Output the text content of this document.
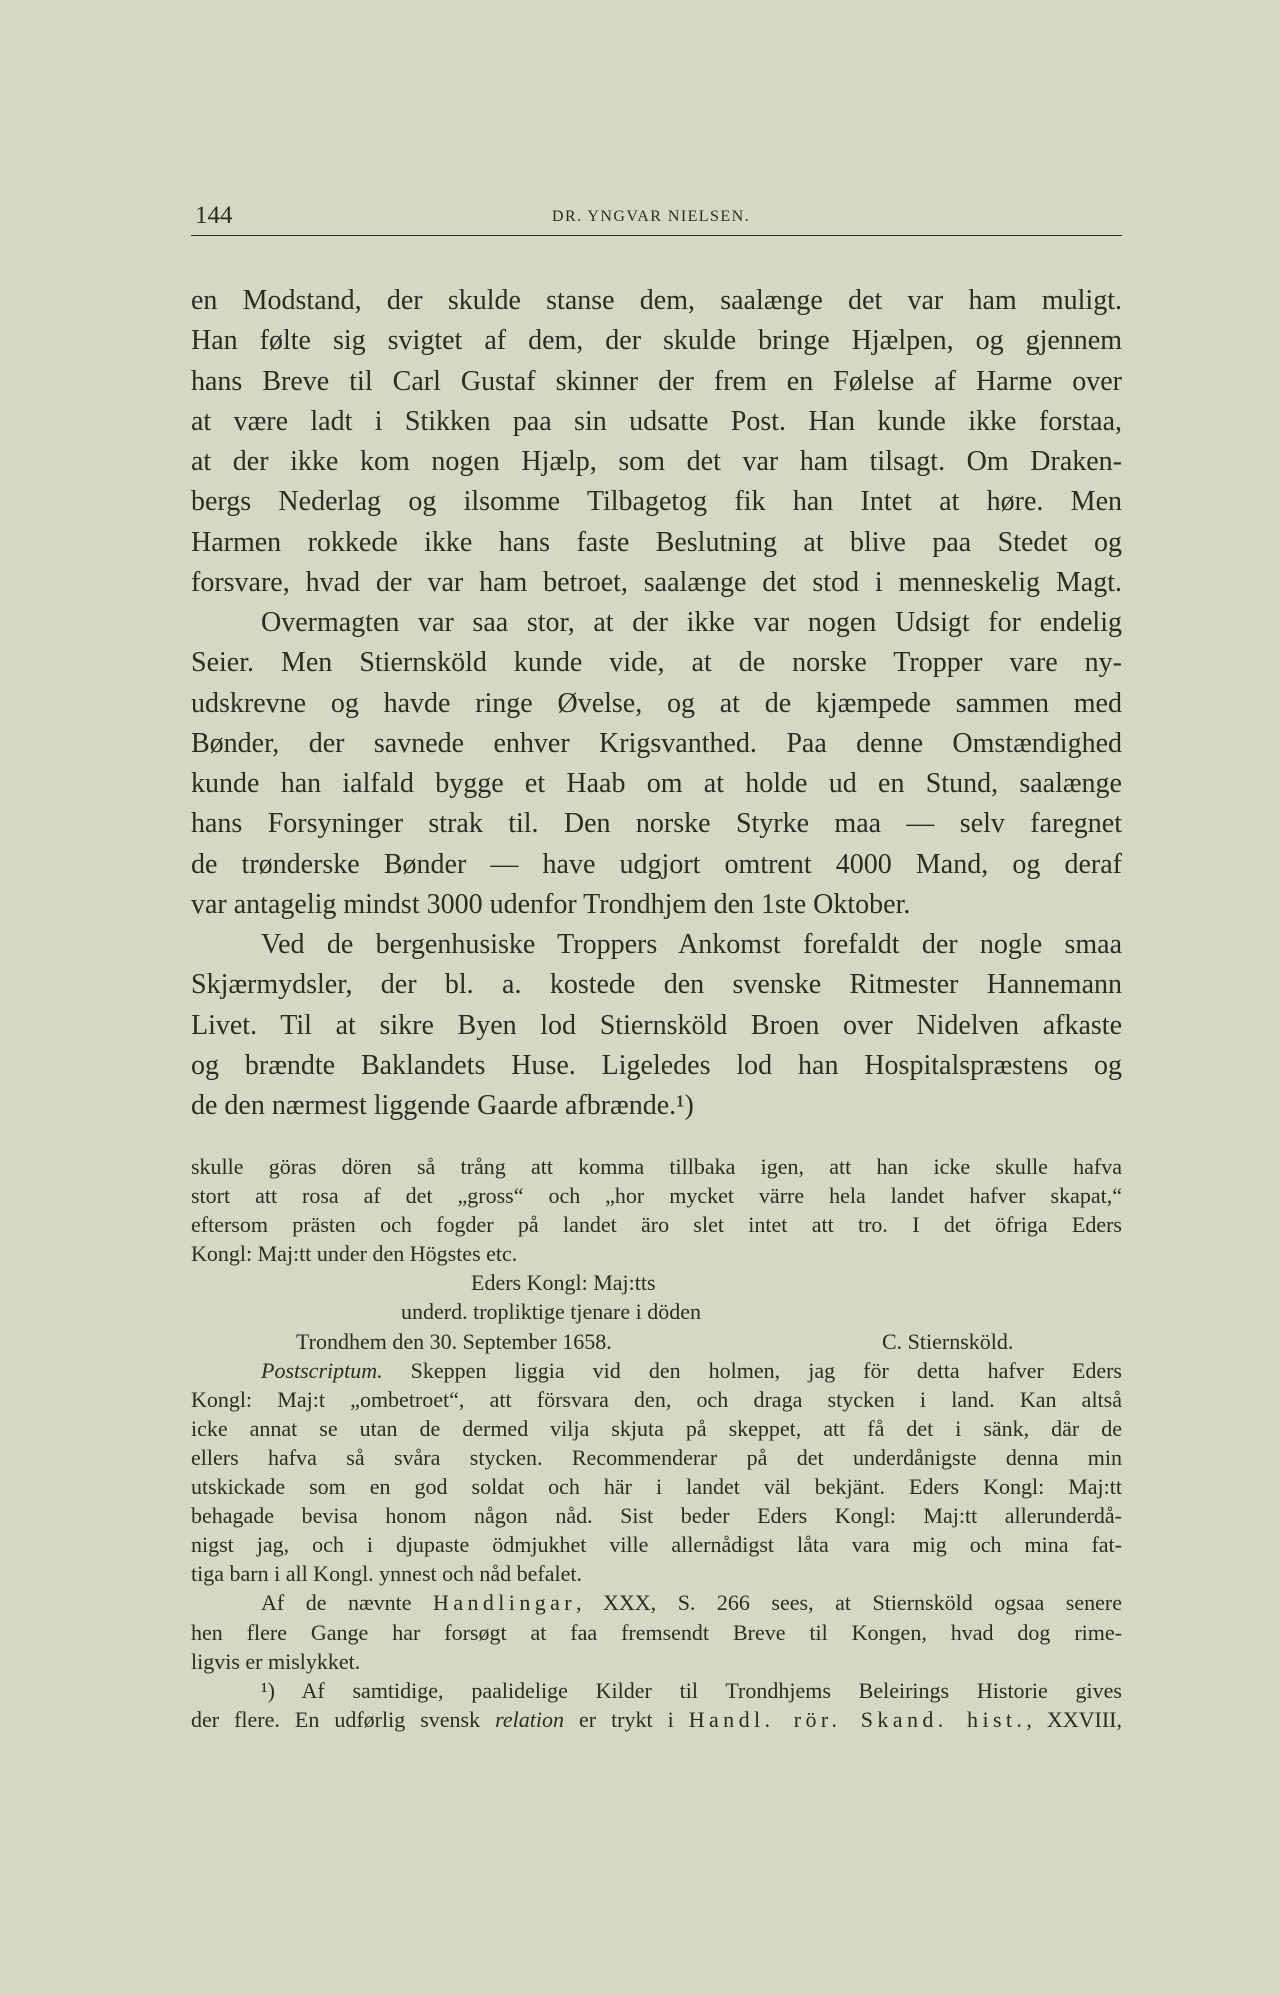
144	DR. YNGVAR NIELSEN.
en Modstand, der skulde stanse dem, saalænge det var ham muligt.
Han følte sig svigtet af dem, der skulde bringe Hjælpen, og gjennem
hans Breve til Carl Gustaf skinner der frem en Følelse af Harme over
at være ladt i Stikken paa sin udsatte Post. Han kunde ikke forstaa,
at der ikke kom nogen Hjælp, som det var ham tilsagt. Om Draken-
bergs Nederlag og ilsomme Tilbagetog fik han Intet at høre. Men
Harmen rokkede ikke hans faste Beslutning at blive paa Stedet og
forsvare, hvad der var ham betroet, saalænge det stod i menneskelig Magt.
Overmagten var saa stor, at der ikke var nogen Udsigt for endelig
Seier. Men Stiernsköld kunde vide, at de norske Tropper vare ny-
udskrevne og havde ringe Øvelse, og at de kjæmpede sammen med
Bønder, der savnede enhver Krigsvanthed. Paa denne Omstændighed
kunde han ialfald bygge et Haab om at holde ud en Stund, saalænge
hans Forsyninger strak til. Den norske Styrke maa — selv faregnet
de trønderske Bønder — have udgjort omtrent 4000 Mand, og deraf
var antagelig mindst 3000 udenfor Trondhjem den 1ste Oktober.
Ved de bergenhusiske Troppers Ankomst forefaldt der nogle smaa
Skjærmydsler, der bl. a. kostede den svenske Ritmester Hannemann
Livet. Til at sikre Byen lod Stiernsköld Broen over Nidelven afkaste
og brændte Baklandets Huse. Ligeledes lod han Hospitalspræstens og
de den nærmest liggende Gaarde afbrænde.¹)
skulle göras dören så trång att komma tillbaka igen, att han icke skulle hafva
stort att rosa af det „gross“ och „hor mycket värre hela landet hafver skapat,“
eftersom prästen och fogder på landet äro slet intet att tro. I det öfriga Eders
Kongl: Maj:tt under den Högstes etc.
Eders Kongl: Maj:tts
underd. tropliktige tjenare i döden
Trondhem den 30. September 1658.	C. Stiernsköld.
Postscriptum. Skeppen liggia vid den holmen, jag för detta hafver Eders
Kongl: Maj:t „ombetroet“, att försvara den, och draga stycken i land. Kan altså
icke annat se utan de dermed vilja skjuta på skeppet, att få det i sänk, där de
ellers hafva så svåra stycken. Recommenderar på det underdånigste denna min
utskickade som en god soldat och här i landet väl bekjänt. Eders Kongl: Maj:tt
behagade bevisa honom någon nåd. Sist beder Eders Kongl: Maj:tt allerunderdå-
nigst jag, och i djupaste ödmjukhet ville allernådigst låta vara mig och mina fat-
tiga barn i all Kongl. ynnest och nåd befalet.
Af de nævnte Handlingar, XXX, S. 266 sees, at Stiernsköld ogsaa senere
hen flere Gange har forsøgt at faa fremsendt Breve til Kongen, hvad dog rime-
ligvis er mislykket.
¹) Af samtidige, paalidelige Kilder til Trondhjems Beleirings Historie gives
der flere. En udførlig svensk relation er trykt i Handl. rör. Skand. hist., XXVIII,
